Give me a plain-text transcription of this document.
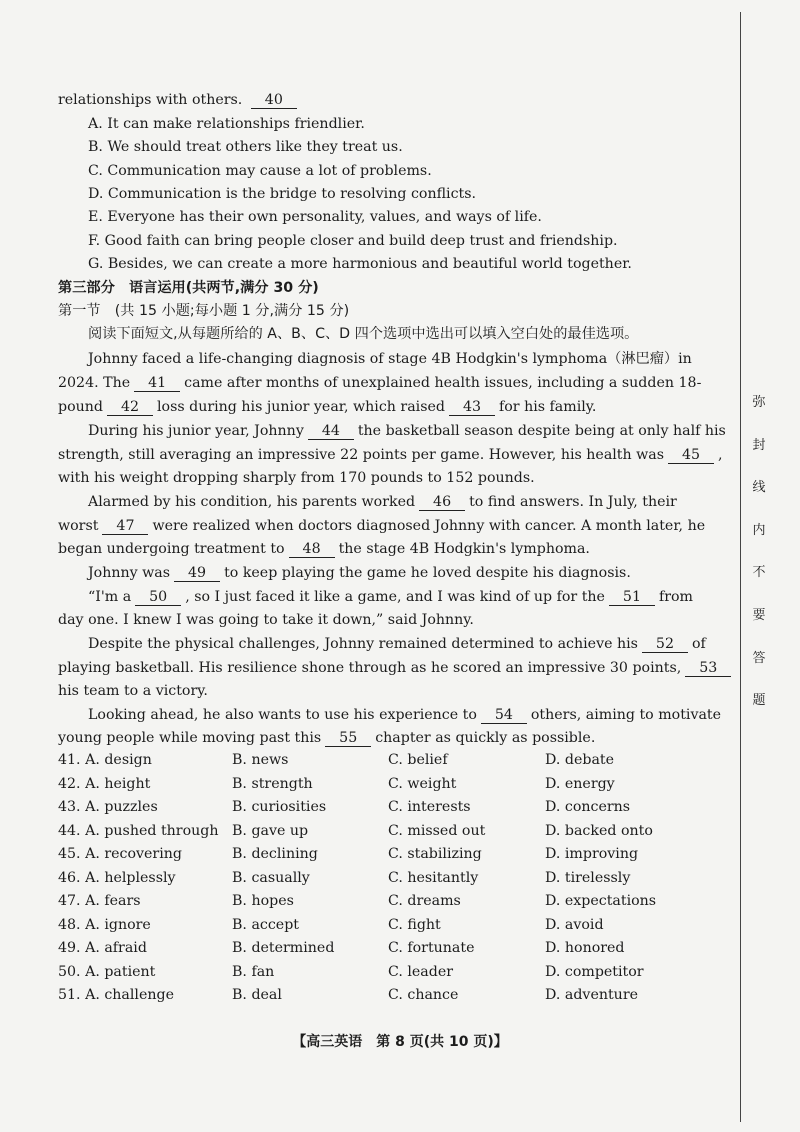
弥
封
线
内
不
要
答
题
relationships with others. 40
A. It can make relationships friendlier.
B. We should treat others like they treat us.
C. Communication may cause a lot of problems.
D. Communication is the bridge to resolving conflicts.
E. Everyone has their own personality, values, and ways of life.
F. Good faith can bring people closer and build deep trust and friendship.
G. Besides, we can create a more harmonious and beautiful world together.
第三部分　语言运用(共两节,满分 30 分)
第一节　(共 15 小题;每小题 1 分,满分 15 分)
阅读下面短文,从每题所给的 A、B、C、D 四个选项中选出可以填入空白处的最佳选项。
Johnny faced a life-changing diagnosis of stage 4B Hodgkin's lymphoma（淋巴瘤）in
2024. The 41 came after months of unexplained health issues, including a sudden 18-
pound 42 loss during his junior year, which raised 43 for his family.
During his junior year, Johnny 44 the basketball season despite being at only half his
strength, still averaging an impressive 22 points per game. However, his health was 45 ,
with his weight dropping sharply from 170 pounds to 152 pounds.
Alarmed by his condition, his parents worked 46 to find answers. In July, their
worst 47 were realized when doctors diagnosed Johnny with cancer. A month later, he
began undergoing treatment to 48 the stage 4B Hodgkin's lymphoma.
Johnny was 49 to keep playing the game he loved despite his diagnosis.
“I'm a 50 , so I just faced it like a game, and I was kind of up for the 51 from
day one. I knew I was going to take it down,” said Johnny.
Despite the physical challenges, Johnny remained determined to achieve his 52 of
playing basketball. His resilience shone through as he scored an impressive 30 points, 53
his team to a victory.
Looking ahead, he also wants to use his experience to 54 others, aiming to motivate
young people while moving past this 55 chapter as quickly as possible.
41. A. design	B. news	C. belief	D. debate
42. A. height	B. strength	C. weight	D. energy
43. A. puzzles	B. curiosities	C. interests	D. concerns
44. A. pushed through B. gave up	C. missed out	D. backed onto
45. A. recovering	B. declining	C. stabilizing	D. improving
46. A. helplessly	B. casually	C. hesitantly	D. tirelessly
47. A. fears	B. hopes	C. dreams	D. expectations
48. A. ignore	B. accept	C. fight	D. avoid
49. A. afraid	B. determined	C. fortunate	D. honored
50. A. patient	B. fan	C. leader	D. competitor
51. A. challenge	B. deal	C. chance	D. adventure
【高三英语　第 8 页(共 10 页)】
